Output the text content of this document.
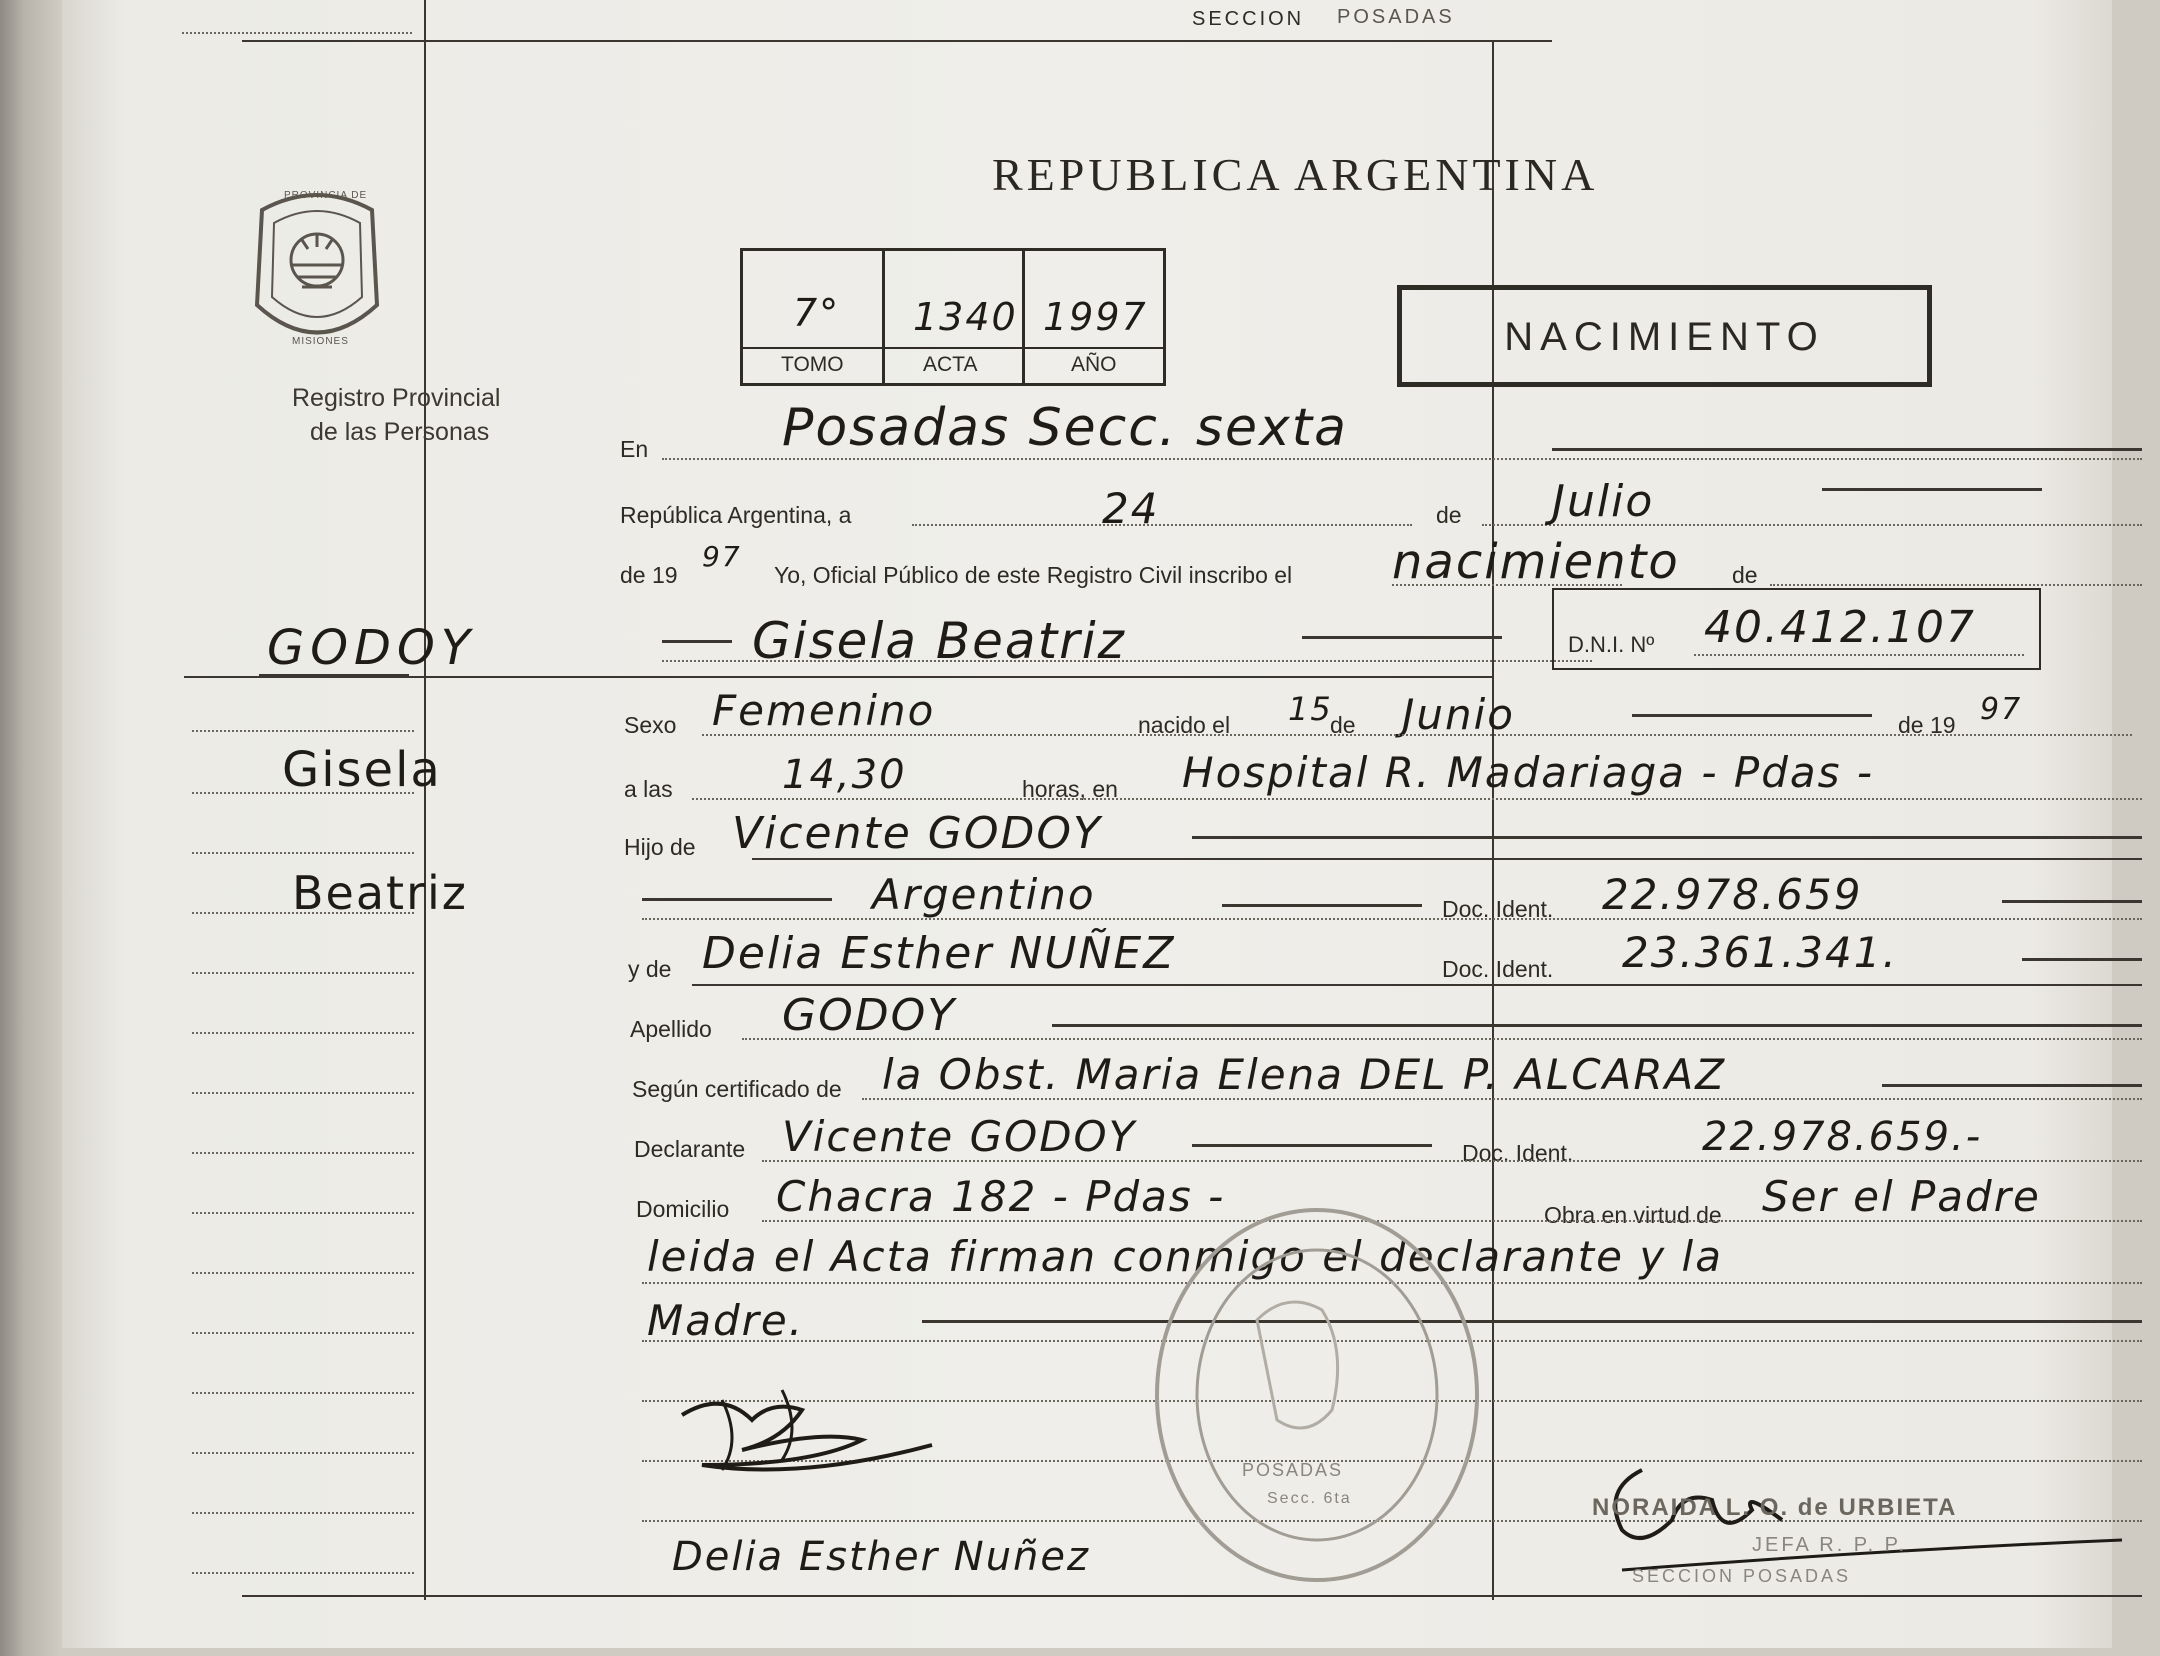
SECCION POSADAS
PROVINCIA DE
MISIONES
Registro Provincial
de las Personas
REPUBLICA ARGENTINA
7° 1340 1997
TOMO	ACTA	AÑO
NACIMIENTO
En	Posadas Secc. sexta
República Argentina, a	24	de Julio
de 19
97
Yo, Oficial Público de este Registro Civil inscribo el nacimiento de
Gisela Beatriz	D.N.I. Nº 40.412.107
GODOY
Gisela
Beatriz
Sexo Femenino	nacido el 15
de Junio	de 19 97
a las	14,30	horas, en Hospital R. Madariaga - Pdas -
Hijo de Vicente GODOY
Argentino	Doc. Ident. 22.978.659
y de Delia Esther NUÑEZ	Doc. Ident. 23.361.341.
Apellido GODOY
Según certificado de la Obst. Maria Elena DEL P. ALCARAZ
Declarante Vicente GODOY	Doc. Ident.	22.978.659.-
Domicilio Chacra 182 - Pdas -	Obra en virtud de Ser el Padre
leida el Acta firman conmigo el declarante y la
Madre.
POSADAS
Secc. 6ta
Delia Esther Nuñez
NORAIDA L. O. de URBIETA
JEFA R. P. P.
SECCION POSADAS
